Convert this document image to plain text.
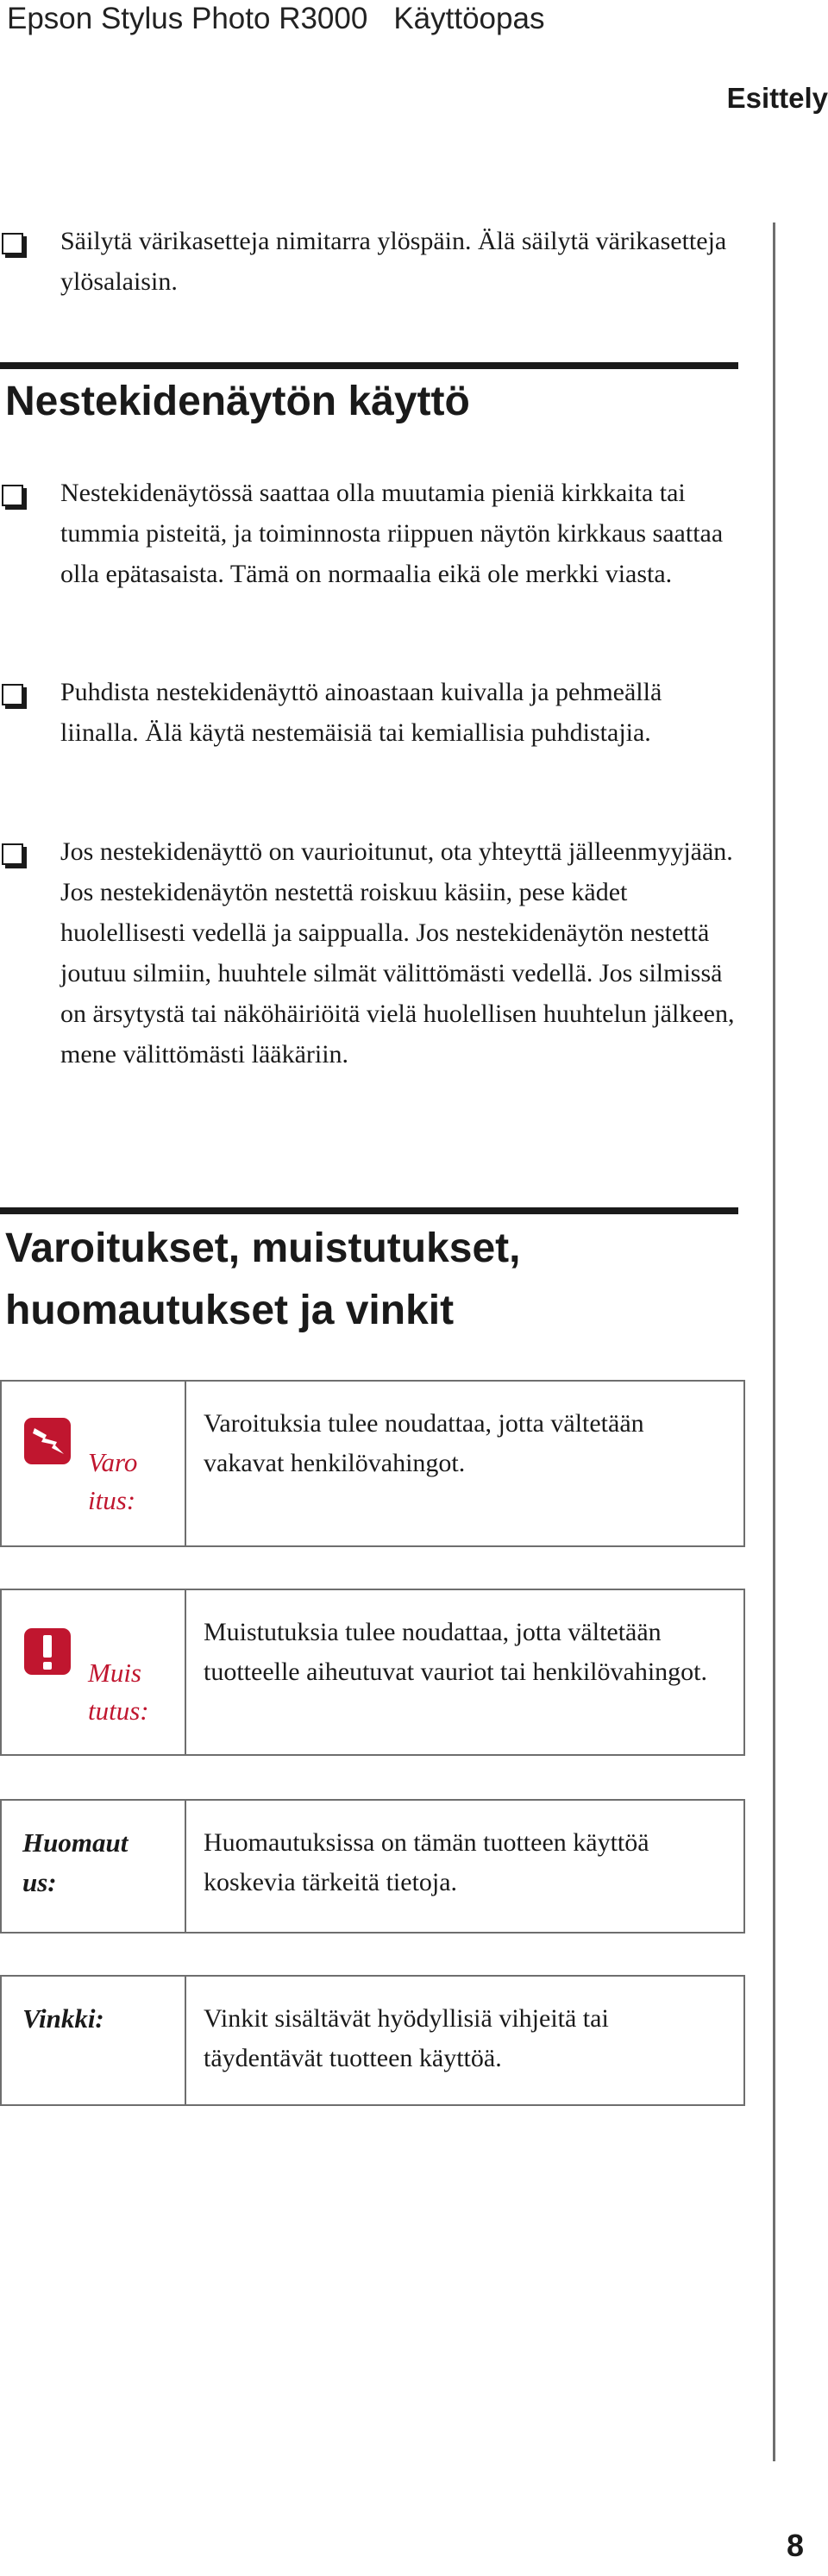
Epson Stylus Photo R3000 Käyttöopas
Esittely
Säilytä värikasetteja nimitarra ylöspäin. Älä säilytä värikasetteja ylösalaisin.
Nestekidenäytön käyttö
Nestekidenäytössä saattaa olla muutamia pieniä kirkkaita tai tummia pisteitä, ja toiminnosta riippuen näytön kirkkaus saattaa olla epätasaista. Tämä on normaalia eikä ole merkki viasta.
Puhdista nestekidenäyttö ainoastaan kuivalla ja pehmeällä liinalla. Älä käytä nestemäisiä tai kemiallisia puhdistajia.
Jos nestekidenäyttö on vaurioitunut, ota yhteyttä jälleenmyyjään. Jos nestekidenäytön nestettä roiskuu käsiin, pese kädet huolellisesti vedellä ja saippualla. Jos nestekidenäytön nestettä joutuu silmiin, huuhtele silmät välittömästi vedellä. Jos silmissä on ärsytystä tai näköhäiriöitä vielä huolellisen huuhtelun jälkeen, mene välittömästi lääkäriin.
Varoitukset, muistutukset,
huomautukset ja vinkit
Varo
itus:
Varoituksia tulee noudattaa, jotta vältetään vakavat henkilövahingot.
Muis
tutus:
Muistutuksia tulee noudattaa, jotta vältetään tuotteelle aiheutuvat vauriot tai henkilövahingot.
Huomaut
us:
Huomautuksissa on tämän tuotteen käyttöä koskevia tärkeitä tietoja.
Vinkki:	Vinkit sisältävät hyödyllisiä vihjeitä tai täydentävät tuotteen käyttöä.
8
